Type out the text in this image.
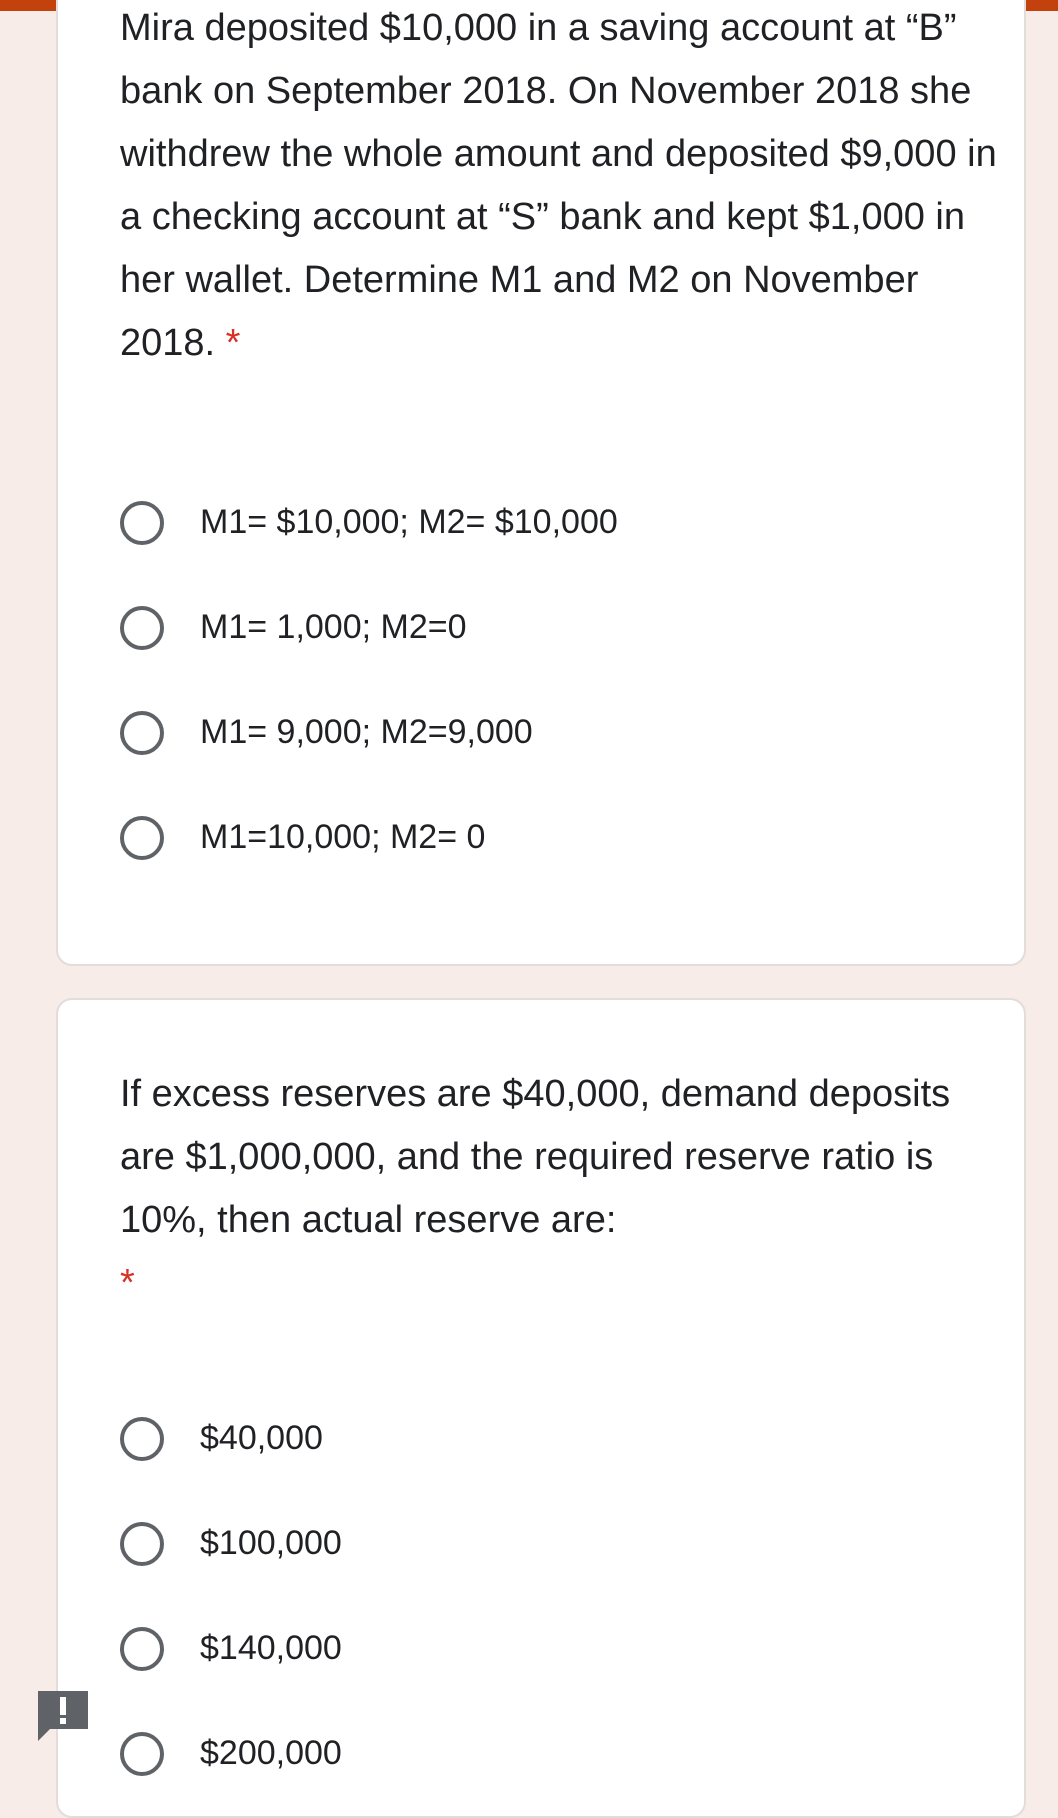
Mira deposited $10,000 in a saving account at “B” bank on September 2018. On November 2018 she withdrew the whole amount and deposited $9,000 in a checking account at “S” bank and kept $1,000 in her wallet. Determine M1 and M2 on November 2018. *

M1= $10,000; M2= $10,000
M1= 1,000; M2=0
M1= 9,000; M2=9,000
M1=10,000; M2= 0

If excess reserves are $40,000, demand deposits are $1,000,000, and the required reserve ratio is 10%, then actual reserve are:
*

$40,000
$100,000
$140,000
$200,000
